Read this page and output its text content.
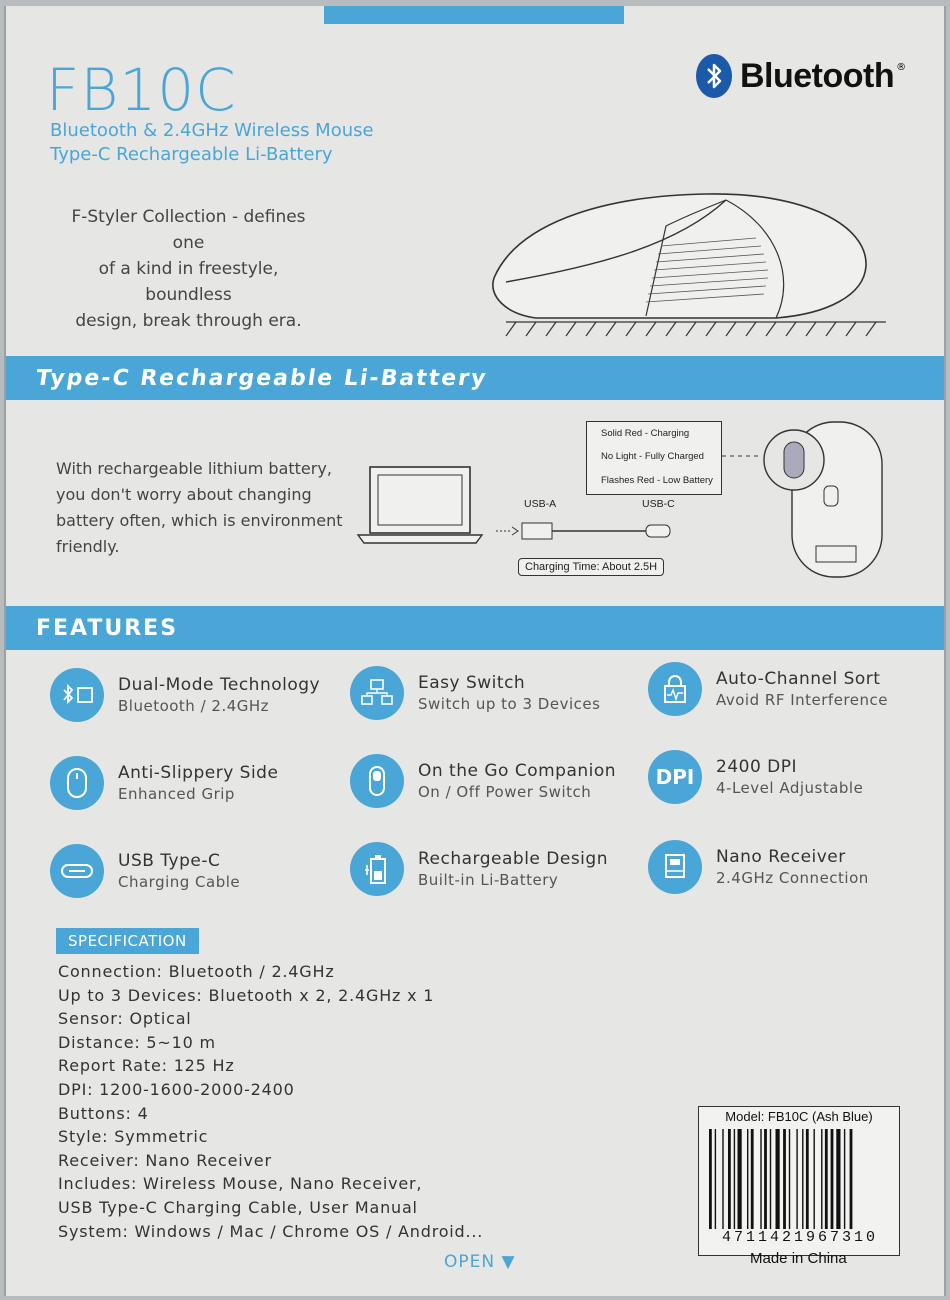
FB10C
Bluetooth & 2.4GHz Wireless Mouse
Type-C Rechargeable Li-Battery
Bluetooth ®
F-Styler Collection - defines one
of a kind in freestyle, boundless
design, break through era.
Type-C Rechargeable Li-Battery
With rechargeable lithium battery,
you don't worry about changing
battery often, which is environment
friendly.
USB-A	USB-C
Charging Time: About 2.5H
Solid Red - Charging
No Light - Fully Charged
Flashes Red - Low Battery
FEATURES
Dual-Mode Technology
Bluetooth / 2.4GHz
Easy Switch
Switch up to 3 Devices
Auto-Channel Sort
Avoid RF Interference
Anti-Slippery Side
Enhanced Grip
On the Go Companion
On / Off Power Switch
DPI	2400 DPI
4-Level Adjustable
USB Type-C
Charging Cable
Rechargeable Design
Built-in Li-Battery
Nano Receiver
2.4GHz Connection
SPECIFICATION
Connection: Bluetooth / 2.4GHz
Up to 3 Devices: Bluetooth x 2, 2.4GHz x 1
Sensor: Optical
Distance: 5~10 m
Report Rate: 125 Hz
DPI: 1200-1600-2000-2400
Buttons: 4
Style: Symmetric
Receiver: Nano Receiver
Includes: Wireless Mouse, Nano Receiver,
USB Type-C Charging Cable, User Manual
System: Windows / Mac / Chrome OS / Android...
Model: FB10C (Ash Blue)
4711421967310
Made in China
OPEN ▼
